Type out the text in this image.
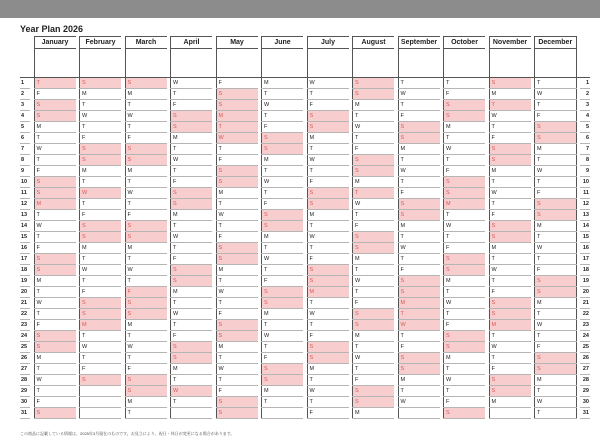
Year Plan 2026
		January		February		March		April		May		June		July		August		September		October		November		December		

1		T		S		S		W		F		M		W		S		T		T		S		T		1
2		F		M		M		T		S		T		T		S		W		F		M		W		2
3		S		T		T		F		S		W		F		M		T		S		T		T		3
4		S		W		W		S		M		T		S		T		F		S		W		F		4
5		M		T		T		S		T		F		S		W		S		M		T		S		5
6		T		F		F		M		W		S		M		T		S		T		F		S		6
7		W		S		S		T		T		S		T		F		M		W		S		M		7
8		T		S		S		W		F		M		W		S		T		T		S		T		8
9		F		M		M		T		S		T		T		S		W		F		M		W		9
10		S		T		T		F		S		W		F		M		T		S		T		T		10
11		S		W		W		S		M		T		S		T		F		S		W		F		11
12		M		T		T		S		T		F		S		W		S		M		T		S		12
13		T		F		F		M		W		S		M		T		S		T		F		S		13
14		W		S		S		T		T		S		T		F		M		W		S		M		14
15		T		S		S		W		F		M		W		S		T		T		S		T		15
16		F		M		M		T		S		T		T		S		W		F		M		W		16
17		S		T		T		F		S		W		F		M		T		S		T		T		17
18		S		W		W		S		M		T		S		T		F		S		W		F		18
19		M		T		T		S		T		F		S		W		S		M		T		S		19
20		T		F		F		M		W		S		M		T		S		T		F		S		20
21		W		S		S		T		T		S		T		F		M		W		S		M		21
22		T		S		S		W		F		M		W		S		T		T		S		T		22
23		F		M		M		T		S		T		T		S		W		F		M		W		23
24		S		T		T		F		S		W		F		M		T		S		T		T		24
25		S		W		W		S		M		T		S		T		F		S		W		F		25
26		M		T		T		S		T		F		S		W		S		M		T		S		26
27		T		F		F		M		W		S		M		T		S		T		F		S		27
28		W		S		S		T		T		S		T		F		M		W		S		M		28
29		T				S		W		F		M		W		S		T		T		S		T		29
30		F				M		T		S		T		T		S		W		F		M		W		30
31		S				T				S				F		M				S				T		31
この商品に記載している情報は、2025年3月現在のものです。お見立により、祝日・休日が変更になる場合があります。
